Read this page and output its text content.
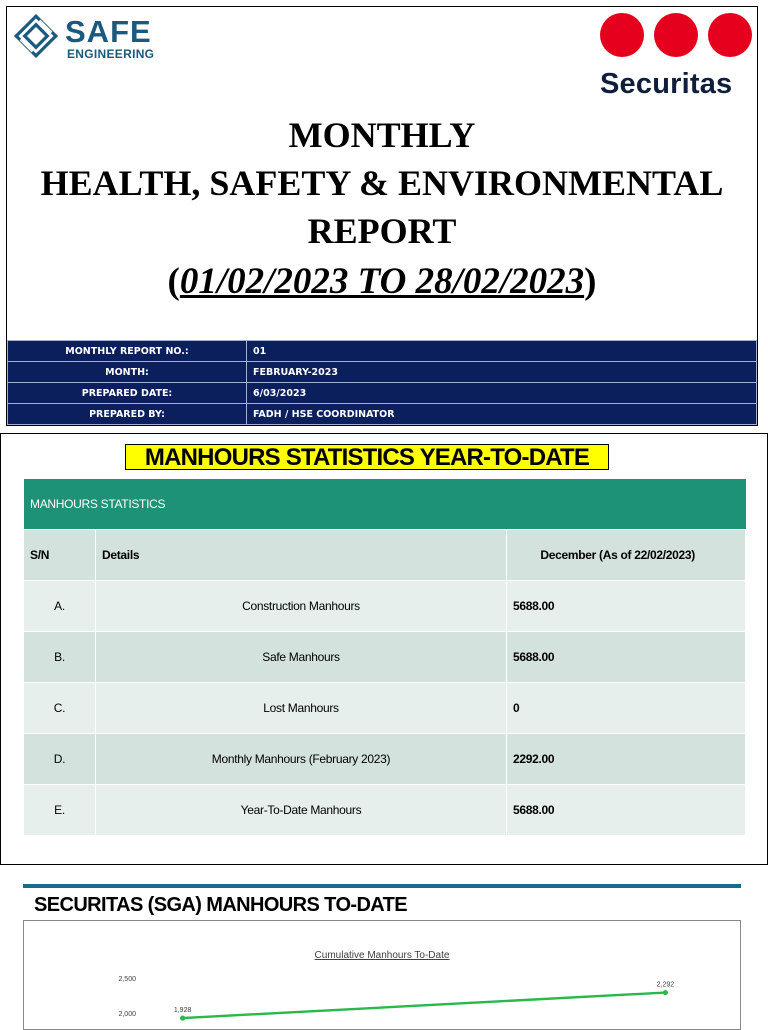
SAFE
ENGINEERING
Securitas
MONTHLY
HEALTH, SAFETY & ENVIRONMENTAL
REPORT
(01/02/2023 TO 28/02/2023)
MONTHLY REPORT NO.:	01
MONTH:	FEBRUARY-2023
PREPARED DATE:	6/03/2023
PREPARED BY:	FADH / HSE COORDINATOR
MANHOURS STATISTICS YEAR-TO-DATE
MANHOURS STATISTICS		
S/N	Details	December (As of 22/02/2023)
A.	Construction Manhours	5688.00
B.	Safe Manhours	5688.00
C.	Lost Manhours	0
D.	Monthly Manhours (February 2023)	2292.00
E.	Year-To-Date Manhours	5688.00
SECURITAS (SGA) MANHOURS TO-DATE
Cumulative Manhours To-Date
2,500
2,000
1,928
2,292
